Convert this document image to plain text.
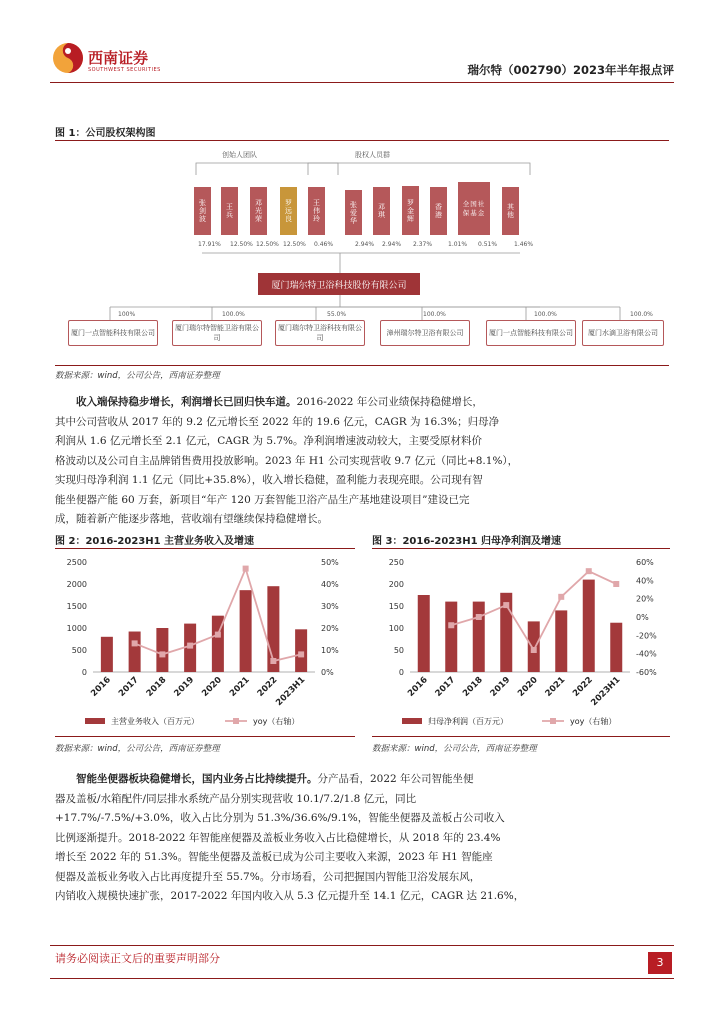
西南证券
SOUTHWEST SECURITIES	瑞尔特（002790）2023年半年报点评
图 1：公司股权架构图
创始人团队	股权人员群
张剑波	王兵	邓光荣	罗远良	王伟玲	张爱华	邓琪	罗金辉	香港	全国社保基金	其他
17.91% 12.50% 12.50% 12.50% 0.46%	2.94% 2.94% 2.37%	1.01% 0.51%	1.46%
厦门瑞尔特卫浴科技股份有限公司
100%	100.0%	55.0%	100.0%	100.0%	100.0%
厦门一点智能科技有限公司
厦门瑞尔特智能卫浴有限公司
厦门瑞尔特卫浴科技有限公司
漳州瑞尔特卫浴有限公司	厦门一点智能科技有限公司	厦门水滴卫浴有限公司
数据来源：wind，公司公告，西南证券整理
收入端保持稳步增长，利润增长已回归快车道。2016-2022 年公司业绩保持稳健增长，
其中公司营收从 2017 年的 9.2 亿元增长至 2022 年的 19.6 亿元，CAGR 为 16.3%；归母净
利润从 1.6 亿元增长至 2.1 亿元，CAGR 为 5.7%。净利润增速波动较大，主要受原材料价
格波动以及公司自主品牌销售费用投放影响。2023 年 H1 公司实现营收 9.7 亿元（同比+8.1%），
实现归母净利润 1.1 亿元（同比+35.8%），收入增长稳健，盈利能力表现亮眼。公司现有智
能坐便器产能 60 万套，新项目“年产 120 万套智能卫浴产品生产基地建设项目”建设已完
成，随着新产能逐步落地，营收端有望继续保持稳健增长。
图 2：2016-2023H1 主营业务收入及增速
0
500
1000
1500
2000
2500
0%
10%
20%
30%
40%
50%
2016 2017 2018 2019 2020 2021 2022
2023H1
主营业务收入（百万元）	yoy（右轴）
数据来源：wind，公司公告，西南证券整理
图 3：2016-2023H1 归母净利润及增速
0
50
100
150
200
250
-60%
-40%
-20%
0%
20%
40%
60%
2016 2017 2018 2019 2020 2021 2022
2023H1
归母净利润（百万元）	yoy（右轴）
数据来源：wind，公司公告，西南证券整理
智能坐便器板块稳健增长，国内业务占比持续提升。分产品看，2022 年公司智能坐便
器及盖板/水箱配件/同层排水系统产品分别实现营收 10.1/7.2/1.8 亿元，同比
+17.7%/-7.5%/+3.0%，收入占比分别为 51.3%/36.6%/9.1%，智能坐便器及盖板占公司收入
比例逐渐提升。2018-2022 年智能座便器及盖板业务收入占比稳健增长，从 2018 年的 23.4%
增长至 2022 年的 51.3%。智能坐便器及盖板已成为公司主要收入来源，2023 年 H1 智能座
便器及盖板业务收入占比再度提升至 55.7%。分市场看，公司把握国内智能卫浴发展东风，
内销收入规模快速扩张，2017-2022 年国内收入从 5.3 亿元提升至 14.1 亿元，CAGR 达 21.6%，
请务必阅读正文后的重要声明部分	3
